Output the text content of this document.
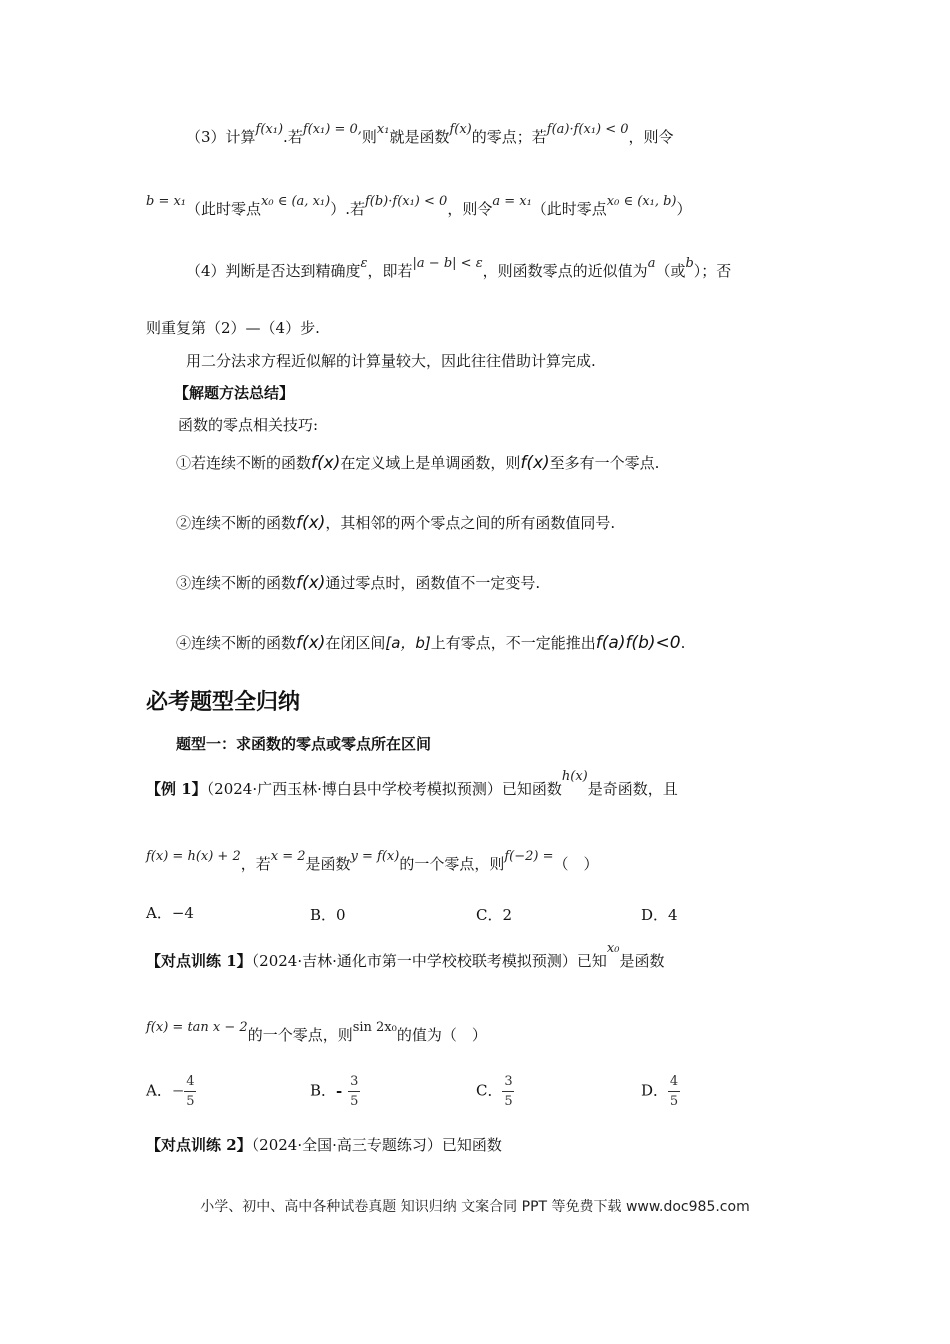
（3）计算f(x₁).若f(x₁) = 0,则x₁就是函数f(x)的零点；若f(a)·f(x₁) < 0，则令
b = x₁（此时零点x₀ ∈ (a, x₁)）.若f(b)·f(x₁) < 0，则令a = x₁（此时零点x₀ ∈ (x₁, b)）
（4）判断是否达到精确度ε，即若|a − b| < ε，则函数零点的近似值为a（或b）；否
则重复第（2）—（4）步.
用二分法求方程近似解的计算量较大，因此往往借助计算完成.
【解题方法总结】
函数的零点相关技巧:
①若连续不断的函数f(x)在定义域上是单调函数，则f(x)至多有一个零点.
②连续不断的函数f(x)，其相邻的两个零点之间的所有函数值同号.
③连续不断的函数f(x)通过零点时，函数值不一定变号.
④连续不断的函数f(x)在闭区间[a，b]上有零点，不一定能推出f(a)f(b)<0.
必考题型全归纳
题型一：求函数的零点或零点所在区间
【例 1】（2024·广西玉林·博白县中学校考模拟预测）已知函数h(x)是奇函数，且
f(x) = h(x) + 2，若x = 2是函数y = f(x)的一个零点，则f(−2) =（　）
A．−4	B．0	C．2	D．4
【对点训练 1】（2024·吉林·通化市第一中学校校联考模拟预测）已知x₀是函数
f(x) = tan x − 2的一个零点，则sin 2x₀的值为（　）
A．− $\frac{4}{5}$	B．- $\frac{3}{5}$	C． $\frac{3}{5}$	D． $\frac{4}{5}$
【对点训练 2】（2024·全国·高三专题练习）已知函数
小学、初中、高中各种试卷真题 知识归纳 文案合同 PPT 等免费下载 www.doc985.com
